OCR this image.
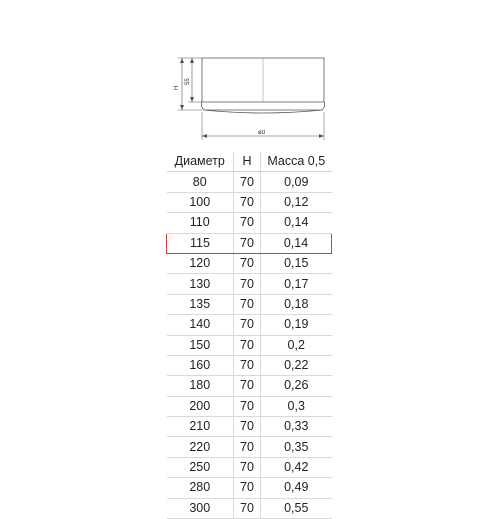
H
55
ød
Диаметр	H	Масса 0,5
80	70	0,09
100	70	0,12
110	70	0,14
115	70	0,14
120	70	0,15
130	70	0,17
135	70	0,18
140	70	0,19
150	70	0,2
160	70	0,22
180	70	0,26
200	70	0,3
210	70	0,33
220	70	0,35
250	70	0,42
280	70	0,49
300	70	0,55
